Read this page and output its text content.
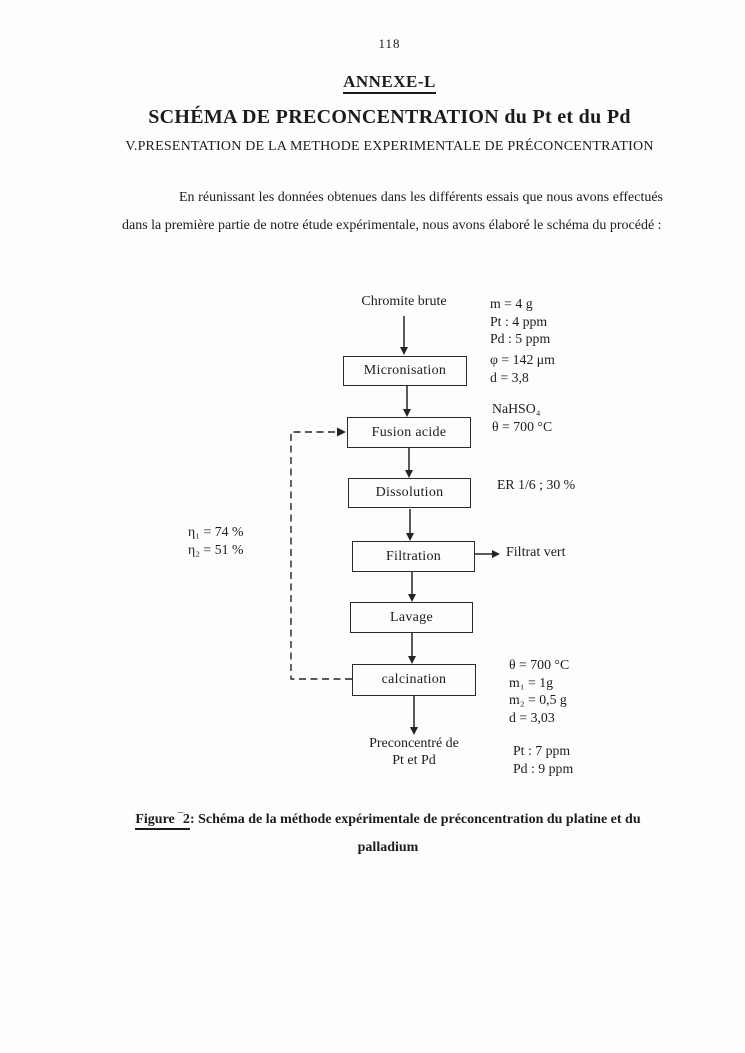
118
ANNEXE-L
SCHÉMA DE PRECONCENTRATION du Pt et du Pd
V.PRESENTATION DE LA METHODE EXPERIMENTALE DE PRÉCONCENTRATION

En réunissant les données obtenues dans les différents essais que nous avons effectués dans la première partie de notre étude expérimentale, nous avons élaboré le schéma du procédé :

Chromite brute
Micronisation
Fusion acide
Dissolution
Filtration
Lavage
calcination
Filtrat vert
Preconcentré de
Pt et Pd
m = 4 g
Pt : 4 ppm
Pd : 5 ppm
φ = 142 μm
d = 3,8
NaHSO₄
θ = 700 °C
ER 1/6 ; 30 %
θ = 700 °C
m₁ = 1g
m₂ = 0,5 g
d = 3,03
Pt : 7 ppm
Pd : 9 ppm
η₁ = 74 %
η₂ = 51 %
Figure ‾2: Schéma de la méthode expérimentale de préconcentration du platine et du
palladium
